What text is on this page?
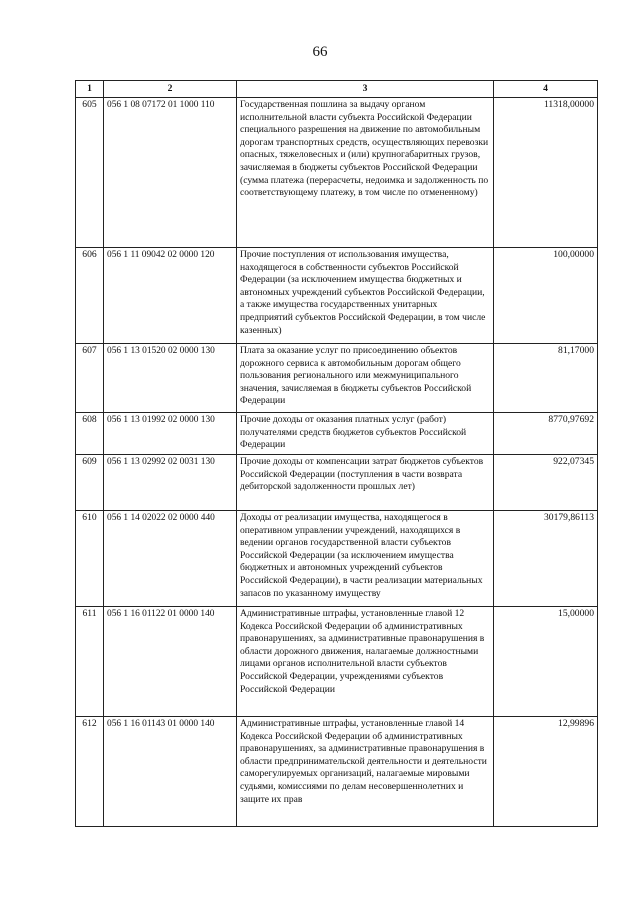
66
1	2	3	4
605	056 1 08 07172 01 1000 110	Государственная пошлина за выдачу органом исполнительной власти субъекта Российской Федерации специального разрешения на движение по автомобильным дорогам транспортных средств, осуществляющих перевозки опасных, тяжеловесных и (или) крупногабаритных грузов, зачисляемая в бюджеты субъектов Российской Федерации (сумма платежа (перерасчеты, недоимка и задолженность по соответствующему платежу, в том числе по отмененному)	11318,00000
606	056 1 11 09042 02 0000 120	Прочие поступления от использования имущества, находящегося в собственности субъектов Российской Федерации (за исключением имущества бюджетных и автономных учреждений субъектов Российской Федерации, а также имущества государственных унитарных предприятий субъектов Российской Федерации, в том числе казенных)	100,00000
607	056 1 13 01520 02 0000 130	Плата за оказание услуг по присоединению объектов дорожного сервиса к автомобильным дорогам общего пользования регионального или межмуниципального значения, зачисляемая в бюджеты субъектов Российской Федерации	81,17000
608	056 1 13 01992 02 0000 130	Прочие доходы от оказания платных услуг (работ) получателями средств бюджетов субъектов Российской Федерации	8770,97692
609	056 1 13 02992 02 0031 130	Прочие доходы от компенсации затрат бюджетов субъектов Российской Федерации (поступления в части возврата дебиторской задолженности прошлых лет)	922,07345
610	056 1 14 02022 02 0000 440	Доходы от реализации имущества, находящегося в оперативном управлении учреждений, находящихся в ведении органов государственной власти субъектов Российской Федерации (за исключением имущества бюджетных и автономных учреждений субъектов Российской Федерации), в части реализации материальных запасов по указанному имуществу	30179,86113
611	056 1 16 01122 01 0000 140	Административные штрафы, установленные главой 12 Кодекса Российской Федерации об административных правонарушениях, за административные правонарушения в области дорожного движения, налагаемые должностными лицами органов исполнительной власти субъектов Российской Федерации, учреждениями субъектов Российской Федерации	15,00000
612	056 1 16 01143 01 0000 140	Административные штрафы, установленные главой 14 Кодекса Российской Федерации об административных правонарушениях, за административные правонарушения в области предпринимательской деятельности и деятельности саморегулируемых организаций, налагаемые мировыми судьями, комиссиями по делам несовершеннолетних и защите их прав	12,99896
